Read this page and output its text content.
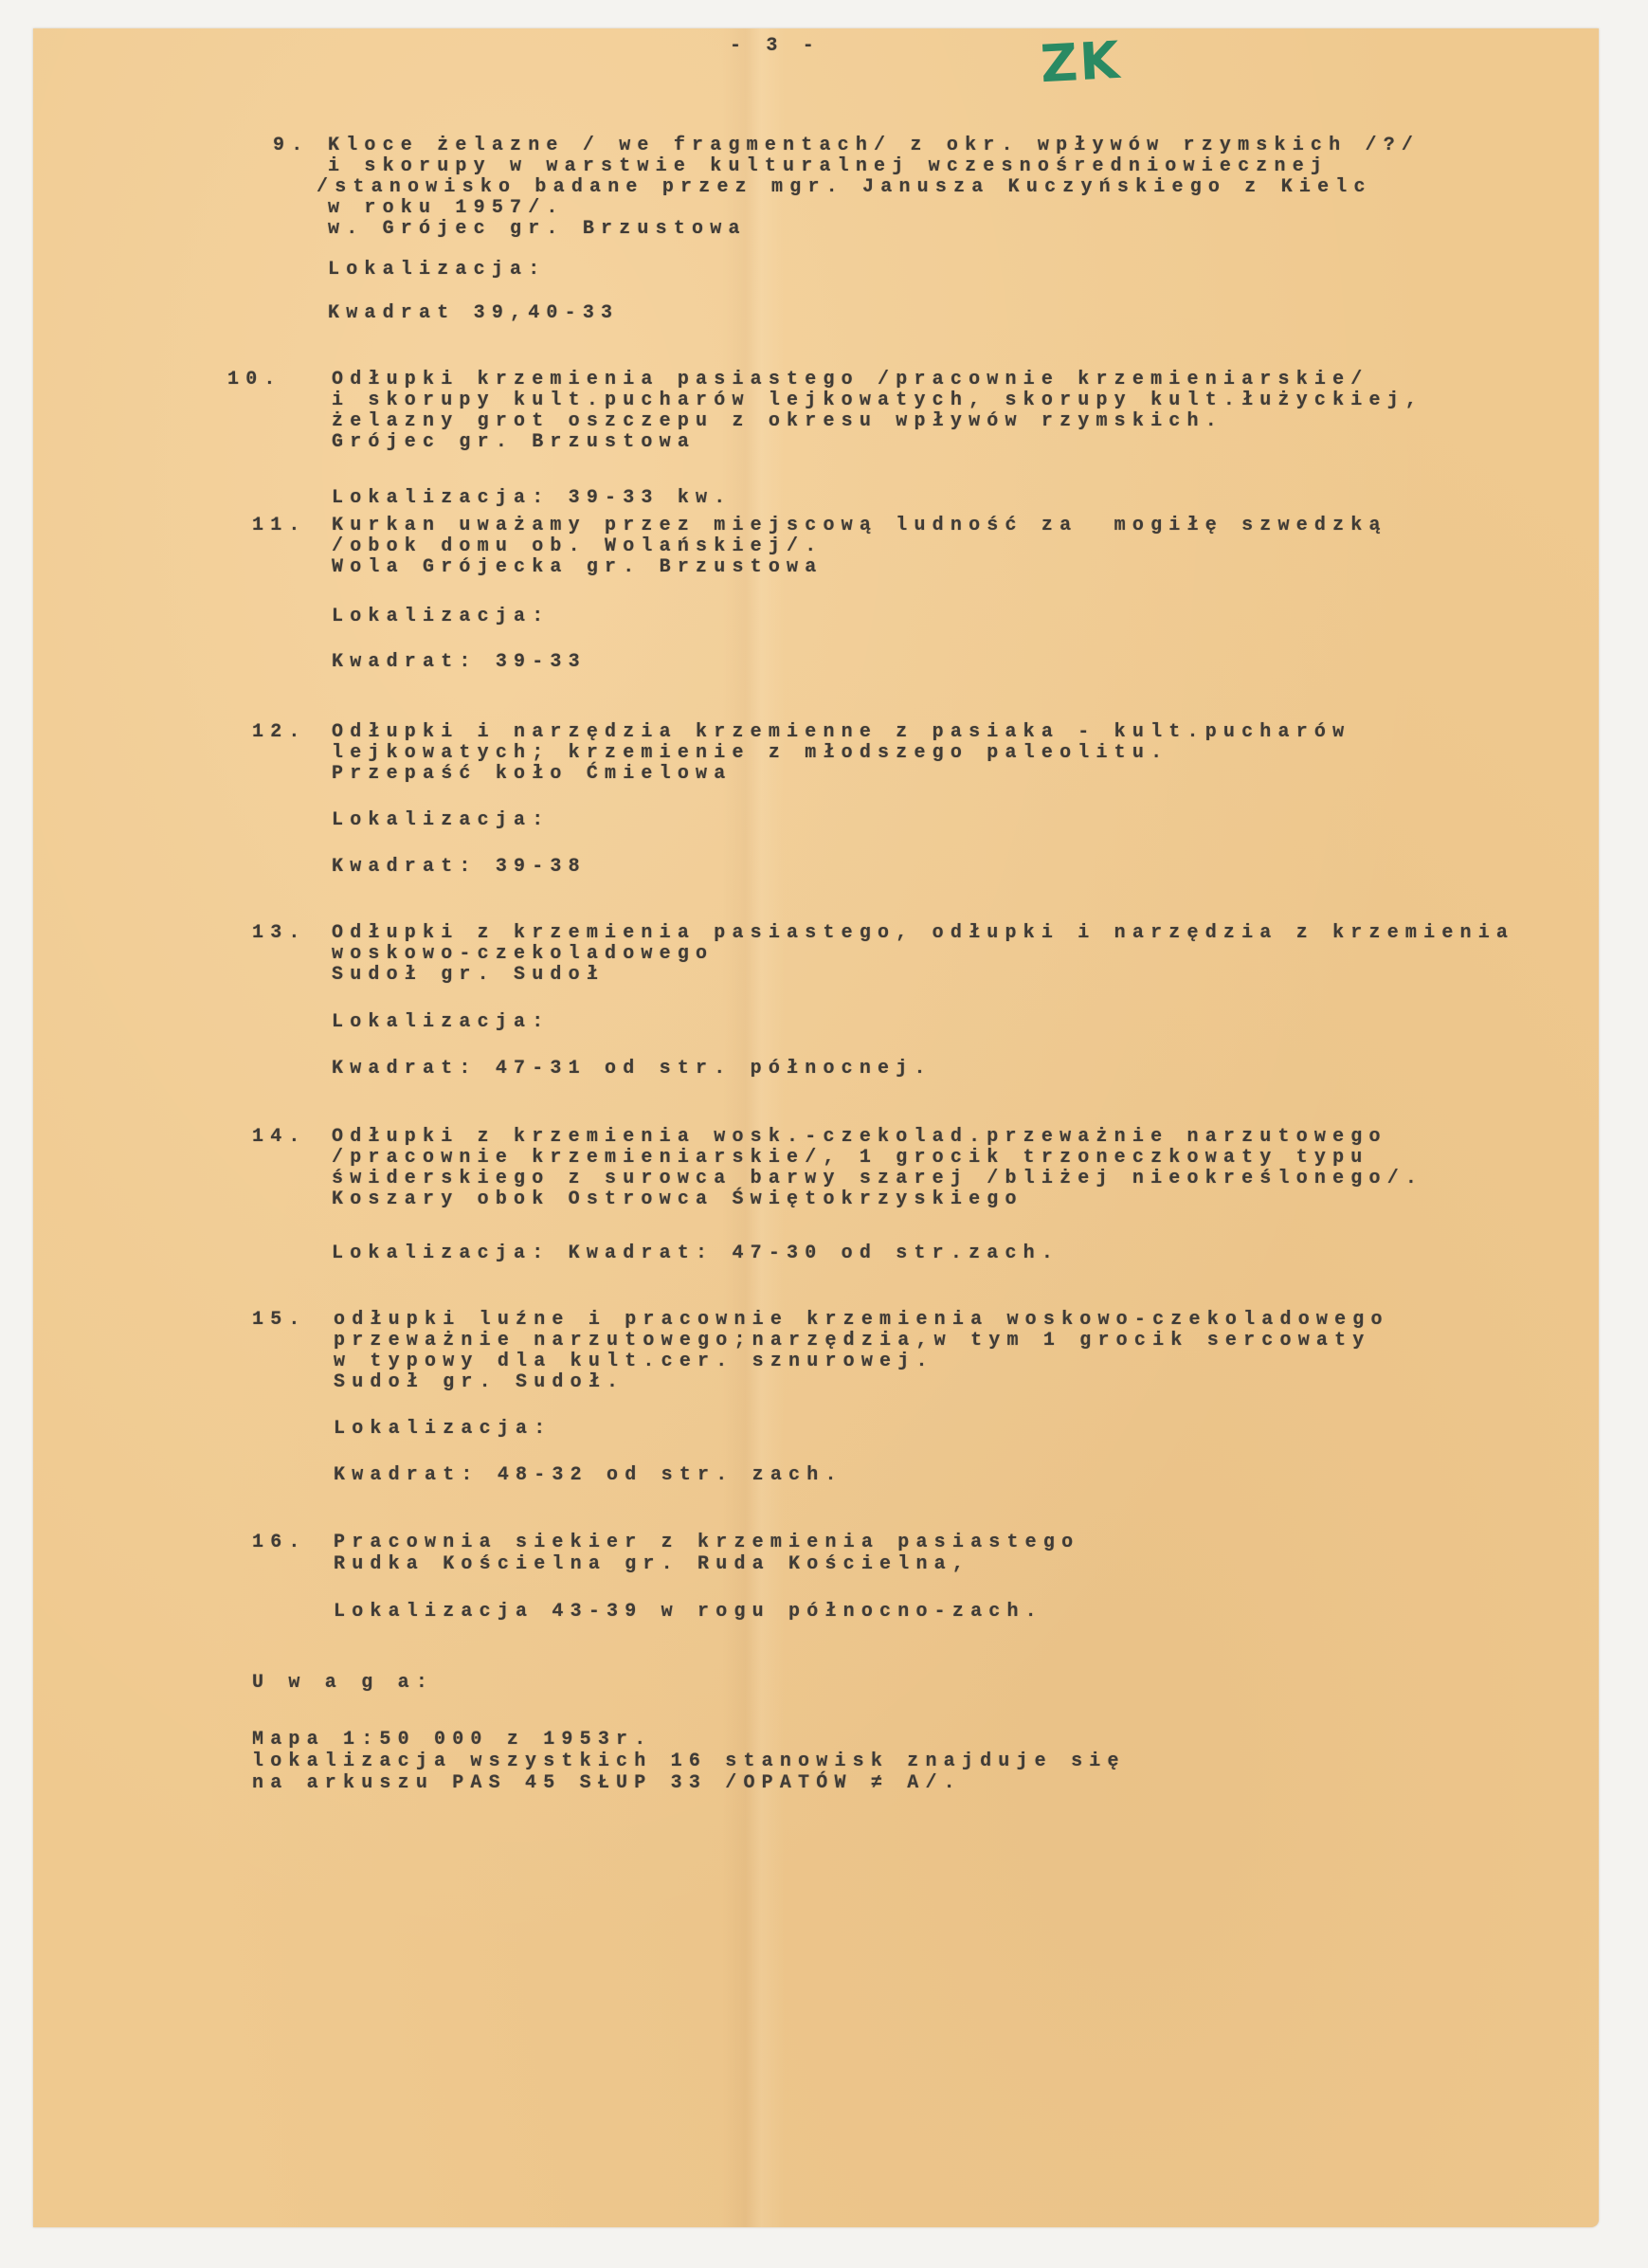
- 3 -	ZK
9. Kloce żelazne / we fragmentach/ z okr. wpływów rzymskich /?/
i skorupy w warstwie kulturalnej wczesnośredniowiecznej
/stanowisko badane przez mgr. Janusza Kuczyńskiego z Kielc
w roku 1957/.
w. Grójec gr. Brzustowa
Lokalizacja:
Kwadrat 39,40-33
10.	Odłupki krzemienia pasiastego /pracownie krzemieniarskie/
i skorupy kult.pucharów lejkowatych, skorupy kult.łużyckiej,
żelazny grot oszczepu z okresu wpływów rzymskich.
Grójec gr. Brzustowa
Lokalizacja: 39-33 kw.
11. Kurkan uważamy przez miejscową ludność za  mogiłę szwedzką
/obok domu ob. Wolańskiej/.
Wola Grójecka gr. Brzustowa
Lokalizacja:
Kwadrat: 39-33
12. Odłupki i narzędzia krzemienne z pasiaka - kult.pucharów
lejkowatych; krzemienie z młodszego paleolitu.
Przepaść koło Ćmielowa
Lokalizacja:
Kwadrat: 39-38
13. Odłupki z krzemienia pasiastego, odłupki i narzędzia z krzemienia
woskowo-czekoladowego
Sudoł gr. Sudoł
Lokalizacja:
Kwadrat: 47-31 od str. północnej.
14. Odłupki z krzemienia wosk.-czekolad.przeważnie narzutowego
/pracownie krzemieniarskie/, 1 grocik trzoneczkowaty typu
świderskiego z surowca barwy szarej /bliżej nieokreślonego/.
Koszary obok Ostrowca Świętokrzyskiego
Lokalizacja: Kwadrat: 47-30 od str.zach.
15. odłupki luźne i pracownie krzemienia woskowo-czekoladowego
przeważnie narzutowego;narzędzia,w tym 1 grocik sercowaty
w typowy dla kult.cer. sznurowej.
Sudoł gr. Sudoł.
Lokalizacja:
Kwadrat: 48-32 od str. zach.
16. Pracownia siekier z krzemienia pasiastego
Rudka Kościelna gr. Ruda Kościelna,
Lokalizacja 43-39 w rogu północno-zach.
U w a g a:
Mapa 1:50 000 z 1953r.
lokalizacja wszystkich 16 stanowisk znajduje się
na arkuszu PAS 45 SŁUP 33 /OPATÓW ≠ A/.
